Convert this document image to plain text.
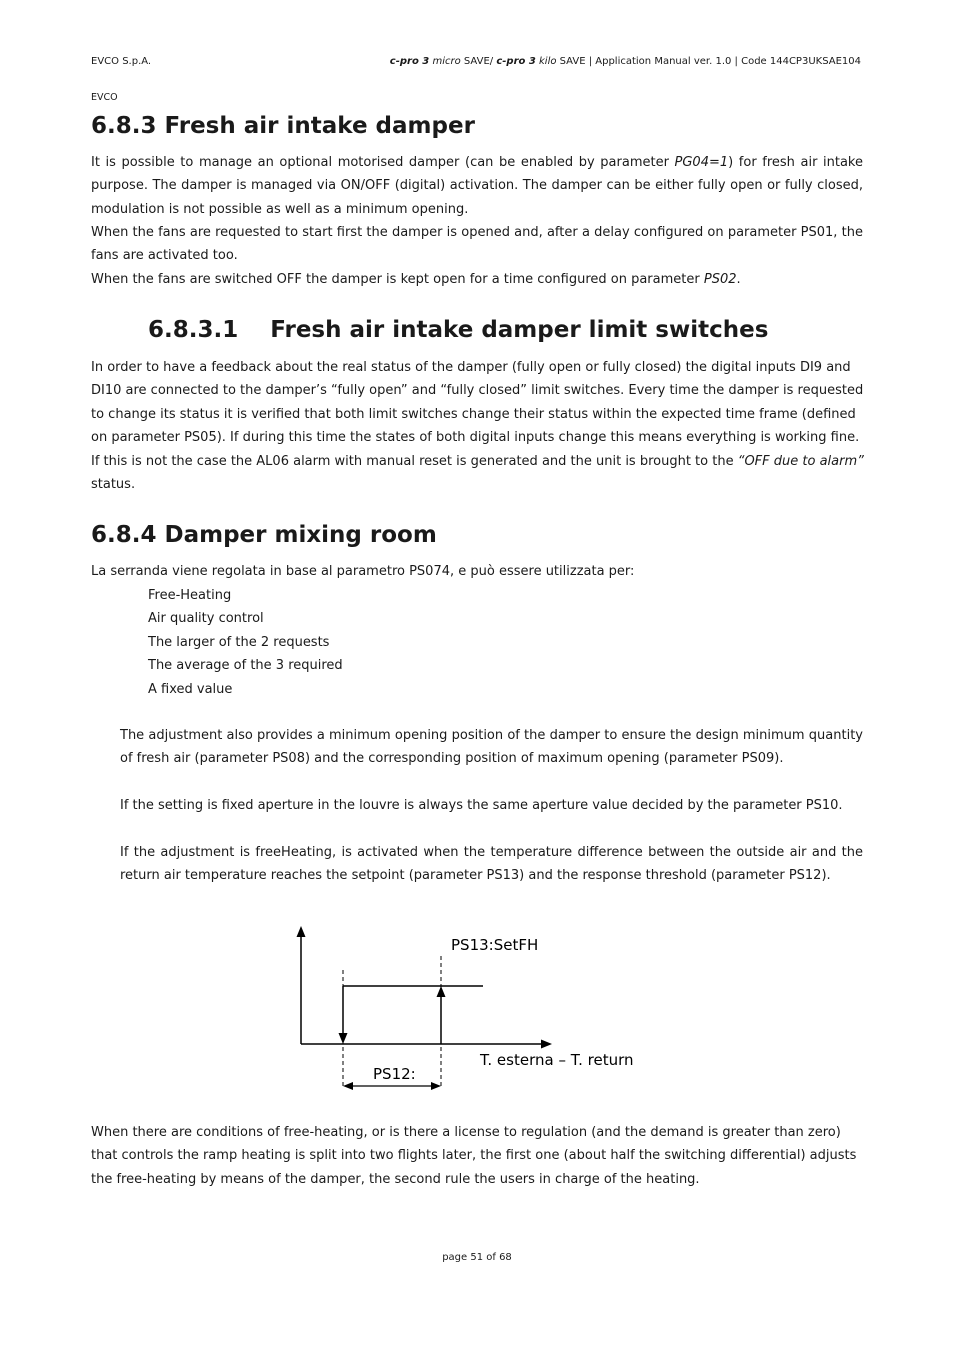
EVCO S.p.A.	c-pro 3 micro SAVE/ c-pro 3 kilo SAVE | Application Manual ver. 1.0 | Code 144CP3UKSAE104
EVCO
6.8.3 Fresh air intake damper

It is possible to manage an optional motorised damper (can be enabled by parameter PG04=1) for fresh air intake purpose. The damper is managed via ON/OFF (digital) activation. The damper can be either fully open or fully closed, modulation is not possible as well as a minimum opening.

When the fans are requested to start first the damper is opened and, after a delay configured on parameter PS01, the fans are activated too.

When the fans are switched OFF the damper is kept open for a time configured on parameter PS02.

6.8.3.1    Fresh air intake damper limit switches

In order to have a feedback about the real status of the damper (fully open or fully closed) the digital inputs DI9 and DI10 are connected to the damper’s “fully open” and “fully closed” limit switches. Every time the damper is requested to change its status it is verified that both limit switches change their status within the expected time frame (defined on parameter PS05). If during this time the states of both digital inputs change this means everything is working fine. If this is not the case the AL06 alarm with manual reset is generated and the unit is brought to the “OFF due to alarm” status.

6.8.4 Damper mixing room

La serranda viene regolata in base al parametro PS074, e può essere utilizzata per:

Free-Heating
Air quality control
The larger of the 2 requests
The average of the 3 required
A fixed value

The adjustment also provides a minimum opening position of the damper to ensure the design minimum quantity of fresh air (parameter PS08) and the corresponding position of maximum opening (parameter PS09).

If the setting is fixed aperture in the louvre is always the same aperture value decided by the parameter PS10.

If the adjustment is freeHeating, is activated when the temperature difference between the outside air and the return air temperature reaches the setpoint (parameter PS13) and the response threshold (parameter PS12).

PS13:SetFH
T. esterna – T. return
PS12:

When there are conditions of free-heating, or is there a license to regulation (and the demand is greater than zero) that controls the ramp heating is split into two flights later, the first one (about half the switching differential) adjusts the free-heating by means of the damper, the second rule the users in charge of the heating.

page 51 of 68
